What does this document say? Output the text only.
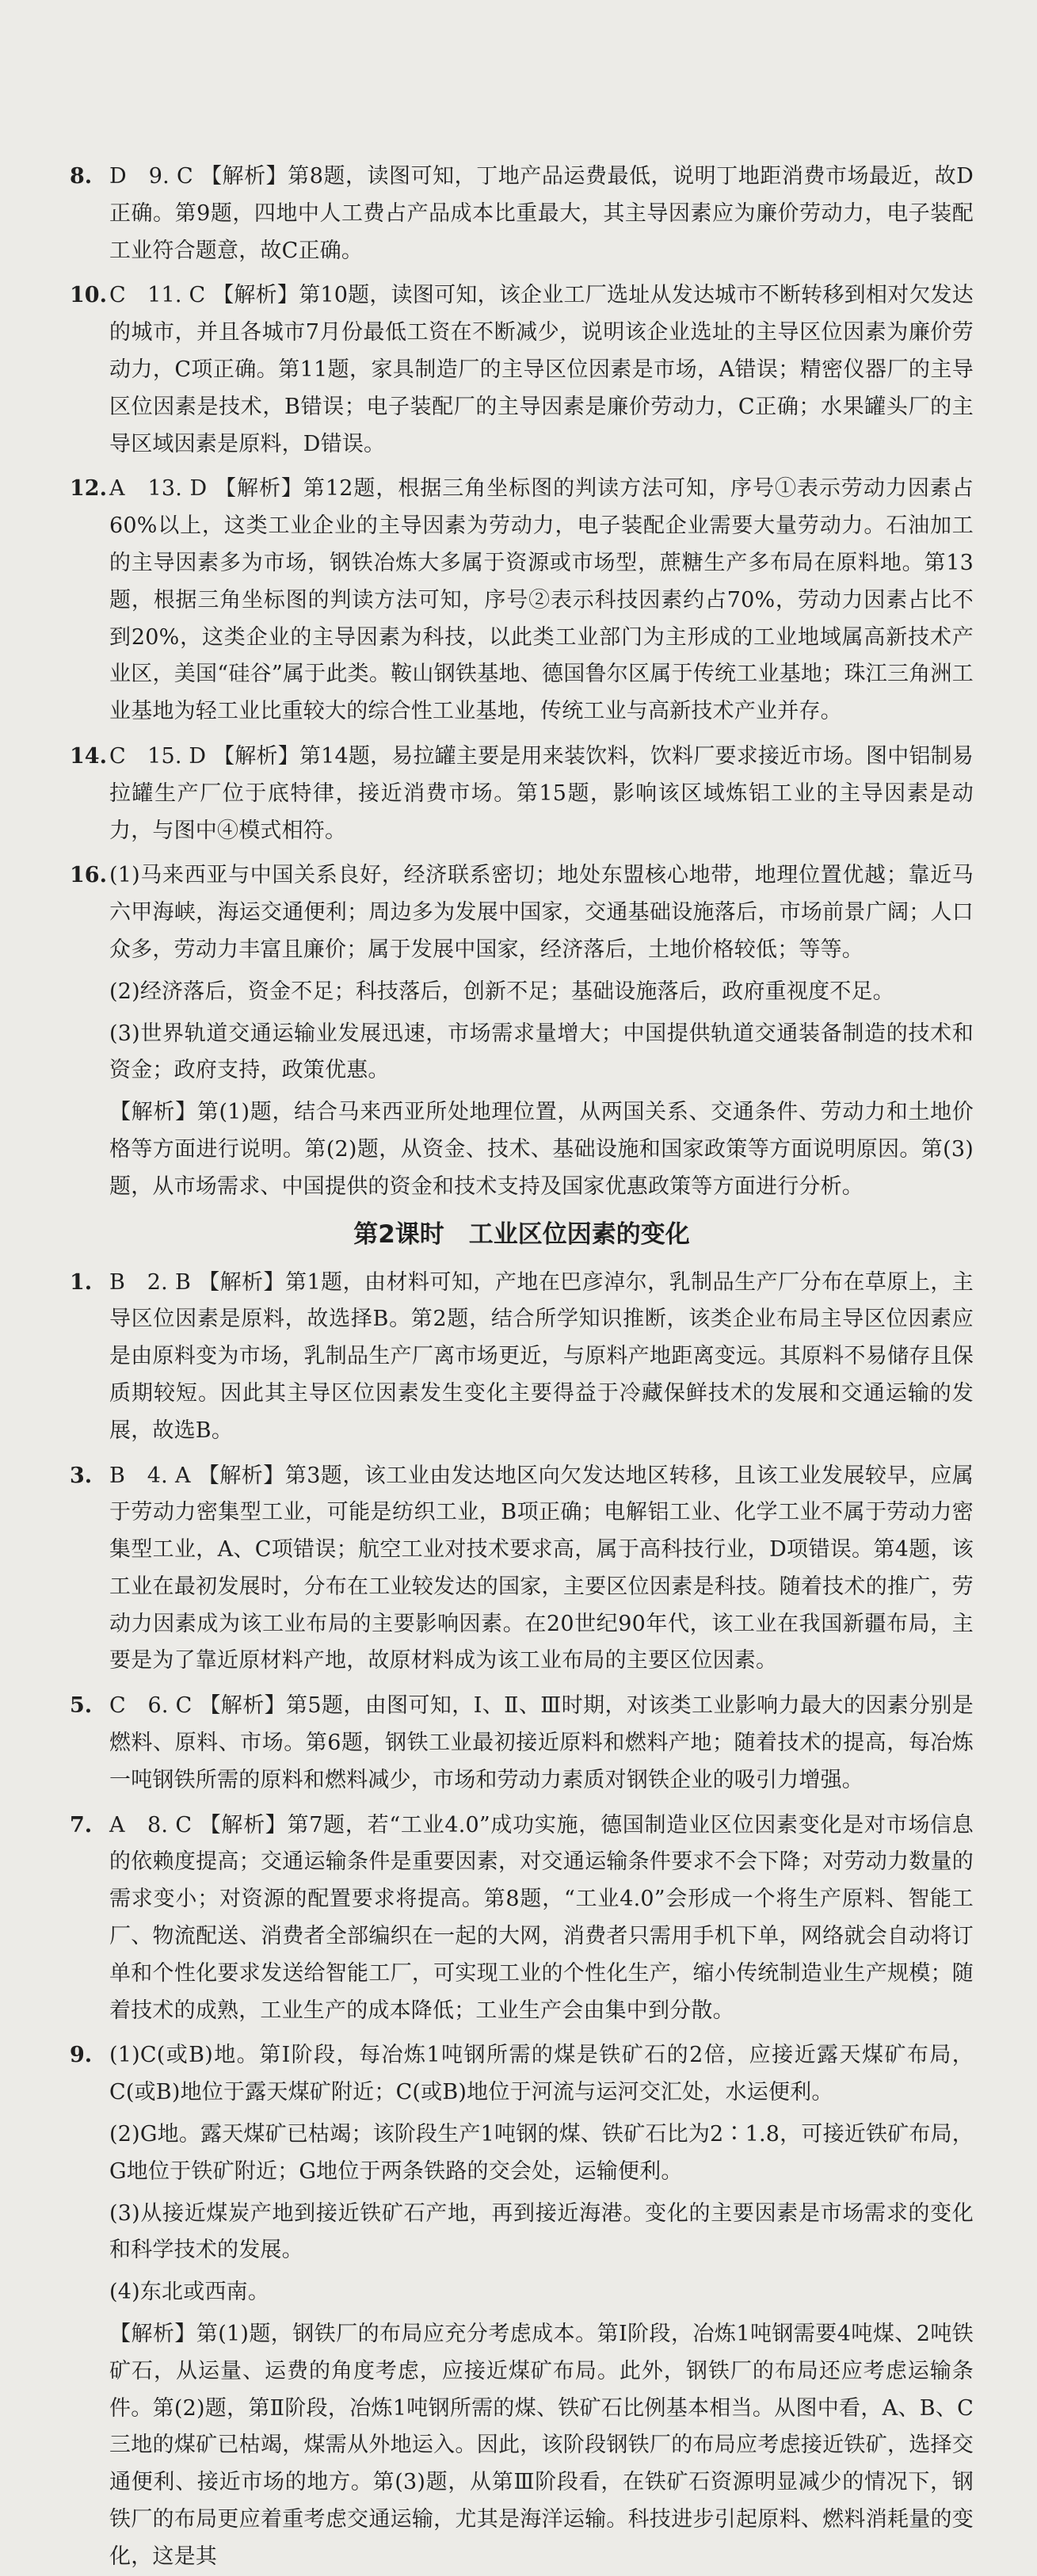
8. D　9. C 【解析】第8题，读图可知，丁地产品运费最低，说明丁地距消费市场最近，故D正确。第9题，四地中人工费占产品成本比重最大，其主导因素应为廉价劳动力，电子装配工业符合题意，故C正确。

10. C　11. C 【解析】第10题，读图可知，该企业工厂选址从发达城市不断转移到相对欠发达的城市，并且各城市7月份最低工资在不断减少，说明该企业选址的主导区位因素为廉价劳动力，C项正确。第11题，家具制造厂的主导区位因素是市场，A错误；精密仪器厂的主导区位因素是技术，B错误；电子装配厂的主导因素是廉价劳动力，C正确；水果罐头厂的主导区域因素是原料，D错误。

12. A　13. D 【解析】第12题，根据三角坐标图的判读方法可知，序号①表示劳动力因素占60%以上，这类工业企业的主导因素为劳动力，电子装配企业需要大量劳动力。石油加工的主导因素多为市场，钢铁冶炼大多属于资源或市场型，蔗糖生产多布局在原料地。第13题，根据三角坐标图的判读方法可知，序号②表示科技因素约占70%，劳动力因素占比不到20%，这类企业的主导因素为科技，以此类工业部门为主形成的工业地域属高新技术产业区，美国“硅谷”属于此类。鞍山钢铁基地、德国鲁尔区属于传统工业基地；珠江三角洲工业基地为轻工业比重较大的综合性工业基地，传统工业与高新技术产业并存。

14. C　15. D 【解析】第14题，易拉罐主要是用来装饮料，饮料厂要求接近市场。图中铝制易拉罐生产厂位于底特律，接近消费市场。第15题，影响该区域炼铝工业的主导因素是动力，与图中④模式相符。

16. (1)马来西亚与中国关系良好，经济联系密切；地处东盟核心地带，地理位置优越；靠近马六甲海峡，海运交通便利；周边多为发展中国家，交通基础设施落后，市场前景广阔；人口众多，劳动力丰富且廉价；属于发展中国家，经济落后，土地价格较低；等等。

(2)经济落后，资金不足；科技落后，创新不足；基础设施落后，政府重视度不足。

(3)世界轨道交通运输业发展迅速，市场需求量增大；中国提供轨道交通装备制造的技术和资金；政府支持，政策优惠。

【解析】第(1)题，结合马来西亚所处地理位置，从两国关系、交通条件、劳动力和土地价格等方面进行说明。第(2)题，从资金、技术、基础设施和国家政策等方面说明原因。第(3)题，从市场需求、中国提供的资金和技术支持及国家优惠政策等方面进行分析。

第2课时　工业区位因素的变化
1. B　2. B 【解析】第1题，由材料可知，产地在巴彦淖尔，乳制品生产厂分布在草原上，主导区位因素是原料，故选择B。第2题，结合所学知识推断，该类企业布局主导区位因素应是由原料变为市场，乳制品生产厂离市场更近，与原料产地距离变远。其原料不易储存且保质期较短。因此其主导区位因素发生变化主要得益于冷藏保鲜技术的发展和交通运输的发展，故选B。

3. B　4. A 【解析】第3题，该工业由发达地区向欠发达地区转移，且该工业发展较早，应属于劳动力密集型工业，可能是纺织工业，B项正确；电解铝工业、化学工业不属于劳动力密集型工业，A、C项错误；航空工业对技术要求高，属于高科技行业，D项错误。第4题，该工业在最初发展时，分布在工业较发达的国家，主要区位因素是科技。随着技术的推广，劳动力因素成为该工业布局的主要影响因素。在20世纪90年代，该工业在我国新疆布局，主要是为了靠近原材料产地，故原材料成为该工业布局的主要区位因素。

5. C　6. C 【解析】第5题，由图可知，Ⅰ、Ⅱ、Ⅲ时期，对该类工业影响力最大的因素分别是燃料、原料、市场。第6题，钢铁工业最初接近原料和燃料产地；随着技术的提高，每冶炼一吨钢铁所需的原料和燃料减少，市场和劳动力素质对钢铁企业的吸引力增强。

7. A　8. C 【解析】第7题，若“工业4.0”成功实施，德国制造业区位因素变化是对市场信息的依赖度提高；交通运输条件是重要因素，对交通运输条件要求不会下降；对劳动力数量的需求变小；对资源的配置要求将提高。第8题，“工业4.0”会形成一个将生产原料、智能工厂、物流配送、消费者全部编织在一起的大网，消费者只需用手机下单，网络就会自动将订单和个性化要求发送给智能工厂，可实现工业的个性化生产，缩小传统制造业生产规模；随着技术的成熟，工业生产的成本降低；工业生产会由集中到分散。

9. (1)C(或B)地。第Ⅰ阶段，每冶炼1吨钢所需的煤是铁矿石的2倍，应接近露天煤矿布局，C(或B)地位于露天煤矿附近；C(或B)地位于河流与运河交汇处，水运便利。

(2)G地。露天煤矿已枯竭；该阶段生产1吨钢的煤、铁矿石比为2∶1.8，可接近铁矿布局，G地位于铁矿附近；G地位于两条铁路的交会处，运输便利。

(3)从接近煤炭产地到接近铁矿石产地，再到接近海港。变化的主要因素是市场需求的变化和科学技术的发展。

(4)东北或西南。

【解析】第(1)题，钢铁厂的布局应充分考虑成本。第Ⅰ阶段，冶炼1吨钢需要4吨煤、2吨铁矿石，从运量、运费的角度考虑，应接近煤矿布局。此外，钢铁厂的布局还应考虑运输条件。第(2)题，第Ⅱ阶段，冶炼1吨钢所需的煤、铁矿石比例基本相当。从图中看，A、B、C三地的煤矿已枯竭，煤需从外地运入。因此，该阶段钢铁厂的布局应考虑接近铁矿，选择交通便利、接近市场的地方。第(3)题，从第Ⅲ阶段看，在铁矿石资源明显减少的情况下，钢铁厂的布局更应着重考虑交通运输，尤其是海洋运输。科技进步引起原料、燃料消耗量的变化，这是其
